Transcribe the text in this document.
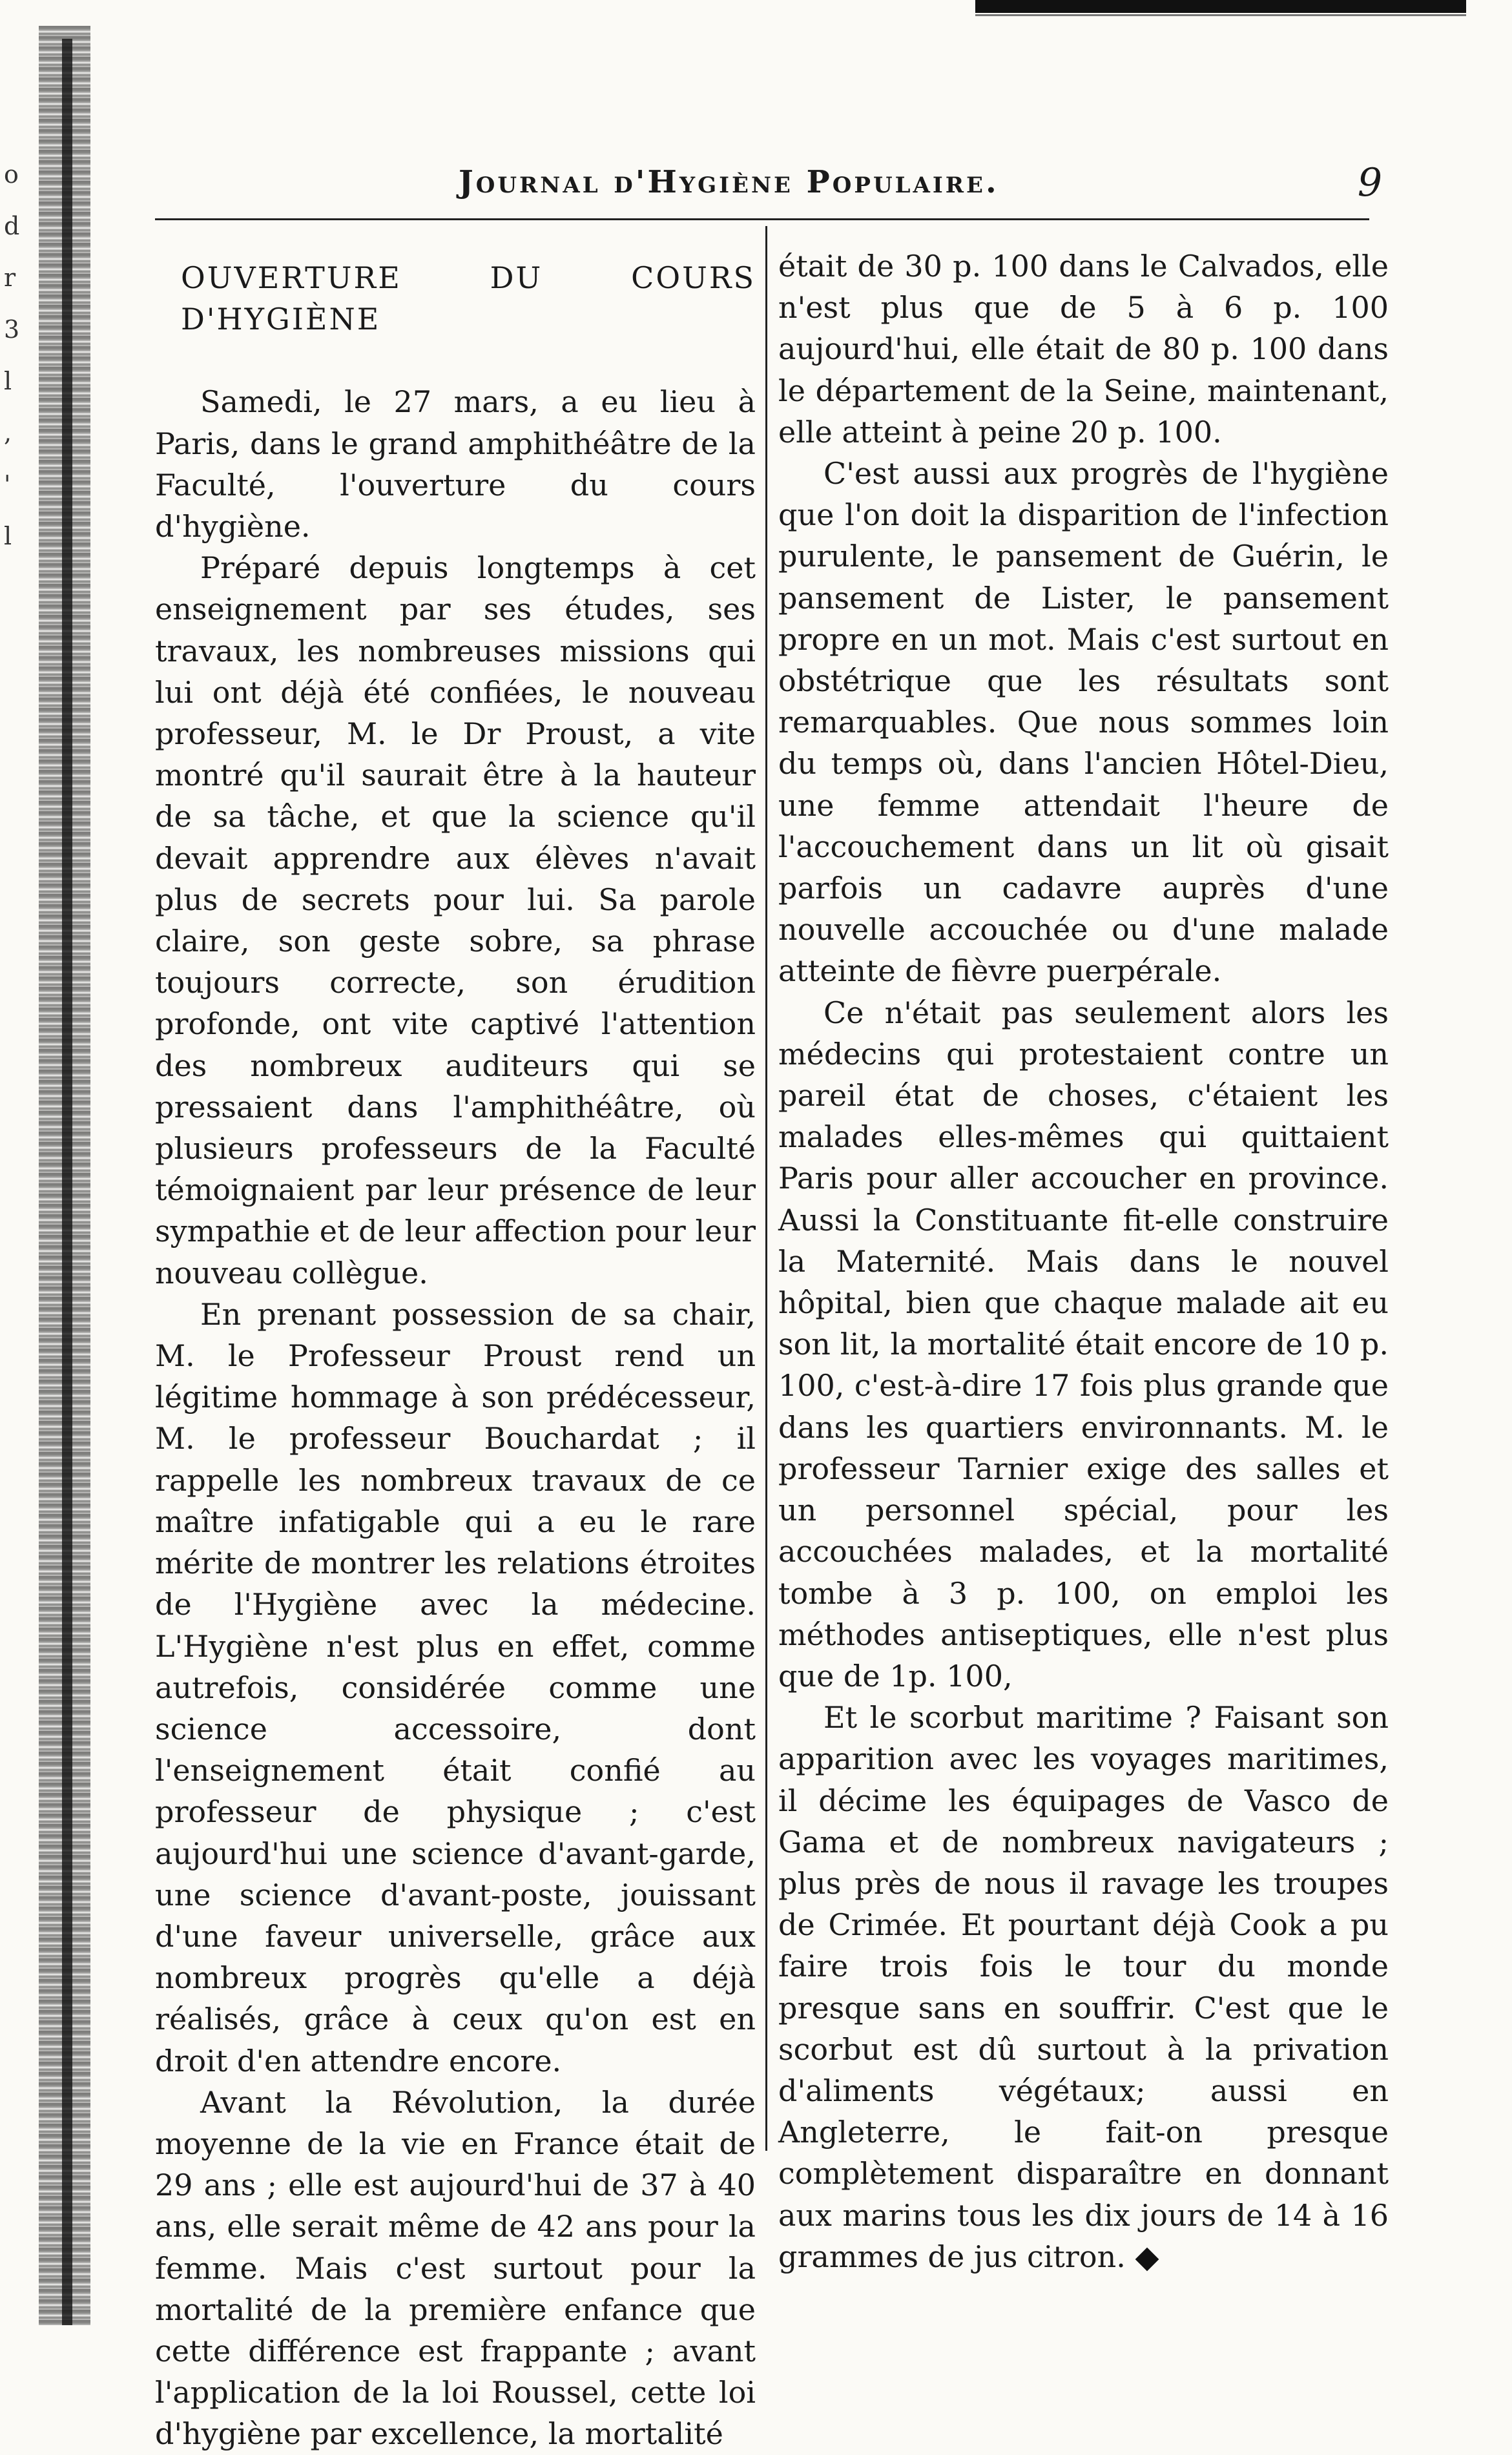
o
d
r
3
l
,
'
l
Journal d'Hygiène Populaire.	9

OUVERTURE DU COURS D'HYGIÈNE

Samedi, le 27 mars, a eu lieu à Paris, dans le grand amphithéâtre de la Faculté, l'ouverture du cours d'hygiène.

Préparé depuis longtemps à cet enseignement par ses études, ses travaux, les nombreuses missions qui lui ont déjà été confiées, le nouveau professeur, M. le Dr Proust, a vite montré qu'il saurait être à la hauteur de sa tâche, et que la science qu'il devait apprendre aux élèves n'avait plus de secrets pour lui. Sa parole claire, son geste sobre, sa phrase toujours correcte, son érudition profonde, ont vite captivé l'attention des nombreux auditeurs qui se pressaient dans l'amphithéâtre, où plusieurs professeurs de la Faculté témoignaient par leur présence de leur sympathie et de leur affection pour leur nouveau collègue.

En prenant possession de sa chair, M. le Professeur Proust rend un légitime hommage à son prédécesseur, M. le professeur Bouchardat ; il rappelle les nombreux travaux de ce maître infatigable qui a eu le rare mérite de montrer les relations étroites de l'Hygiène avec la médecine. L'Hygiène n'est plus en effet, comme autrefois, considérée comme une science accessoire, dont l'enseignement était confié au professeur de physique ; c'est aujourd'hui une science d'avant-garde, une science d'avant-poste, jouissant d'une faveur universelle, grâce aux nombreux progrès qu'elle a déjà réalisés, grâce à ceux qu'on est en droit d'en attendre encore.

Avant la Révolution, la durée moyenne de la vie en France était de 29 ans ; elle est aujourd'hui de 37 à 40 ans, elle serait même de 42 ans pour la femme. Mais c'est surtout pour la mortalité de la première enfance que cette différence est frappante ; avant l'application de la loi Roussel, cette loi d'hygiène par excellence, la mortalité

était de 30 p. 100 dans le Calvados, elle n'est plus que de 5 à 6 p. 100 aujourd'hui, elle était de 80 p. 100 dans le département de la Seine, maintenant, elle atteint à peine 20 p. 100.

C'est aussi aux progrès de l'hygiène que l'on doit la disparition de l'infection purulente, le pansement de Guérin, le pansement de Lister, le pansement propre en un mot. Mais c'est surtout en obstétrique que les résultats sont remarquables. Que nous sommes loin du temps où, dans l'ancien Hôtel-Dieu, une femme attendait l'heure de l'accouchement dans un lit où gisait parfois un cadavre auprès d'une nouvelle accouchée ou d'une malade atteinte de fièvre puerpérale.

Ce n'était pas seulement alors les médecins qui protestaient contre un pareil état de choses, c'étaient les malades elles-mêmes qui quittaient Paris pour aller accoucher en province. Aussi la Constituante fit-elle construire la Maternité. Mais dans le nouvel hôpital, bien que chaque malade ait eu son lit, la mortalité était encore de 10 p. 100, c'est-à-dire 17 fois plus grande que dans les quartiers environnants. M. le professeur Tarnier exige des salles et un personnel spécial, pour les accouchées malades, et la mortalité tombe à 3 p. 100, on emploi les méthodes antiseptiques, elle n'est plus que de 1p. 100,

Et le scorbut maritime ? Faisant son apparition avec les voyages maritimes, il décime les équipages de Vasco de Gama et de nombreux navigateurs ; plus près de nous il ravage les troupes de Crimée. Et pourtant déjà Cook a pu faire trois fois le tour du monde presque sans en souffrir. C'est que le scorbut est dû surtout à la privation d'aliments végétaux; aussi en Angleterre, le fait-on presque complètement disparaître en donnant aux marins tous les dix jours de 14 à 16 grammes de jus citron.
